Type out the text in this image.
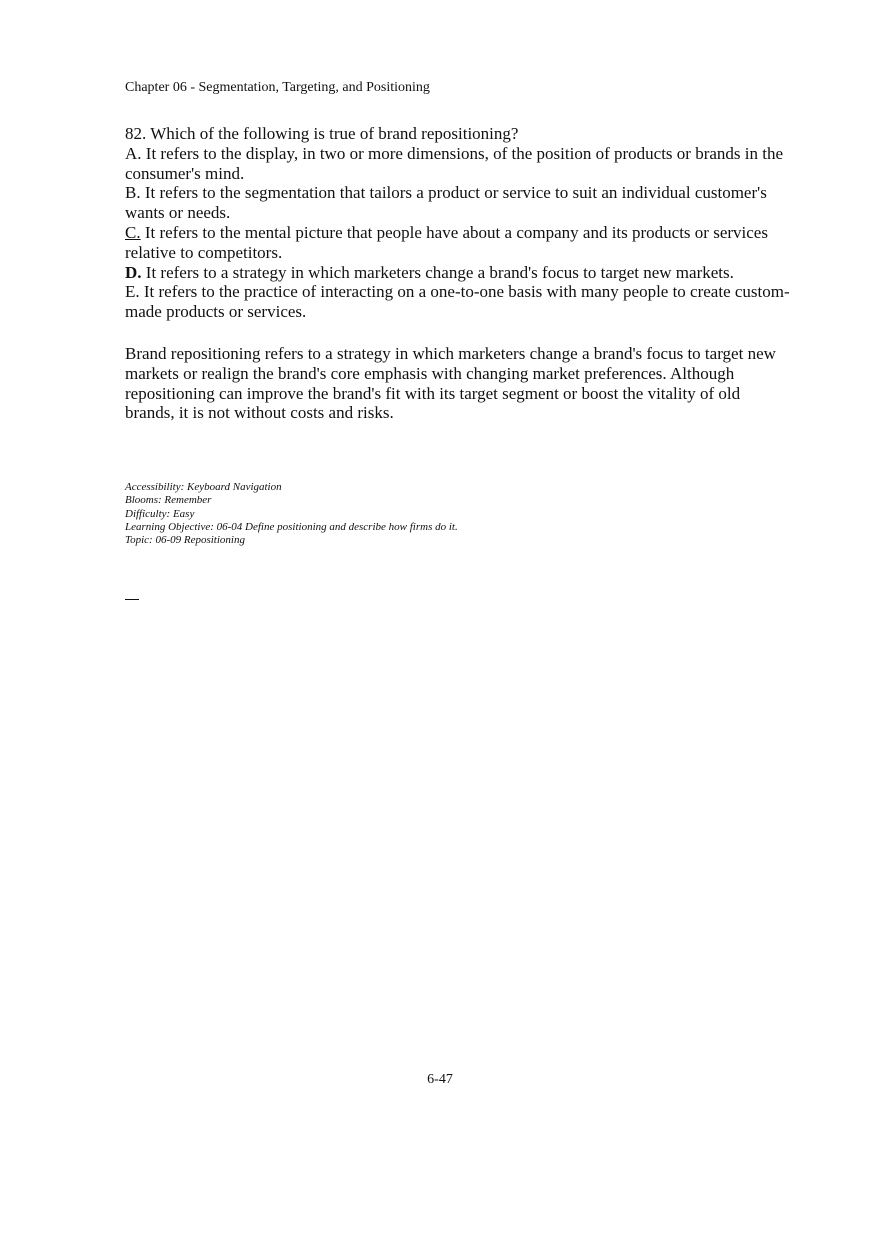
Chapter 06 - Segmentation, Targeting, and Positioning

82. Which of the following is true of brand repositioning?

A. It refers to the display, in two or more dimensions, of the position of products or brands in the consumer's mind.

B. It refers to the segmentation that tailors a product or service to suit an individual customer's wants or needs.

C. It refers to the mental picture that people have about a company and its products or services relative to competitors.

D. It refers to a strategy in which marketers change a brand's focus to target new markets.

E. It refers to the practice of interacting on a one-to-one basis with many people to create custom-made products or services.

Brand repositioning refers to a strategy in which marketers change a brand's focus to target new markets or realign the brand's core emphasis with changing market preferences. Although repositioning can improve the brand's fit with its target segment or boost the vitality of old brands, it is not without costs and risks.

Accessibility: Keyboard Navigation
Blooms: Remember
Difficulty: Easy
Learning Objective: 06-04 Define positioning and describe how firms do it.
Topic: 06-09 Repositioning
6-47
